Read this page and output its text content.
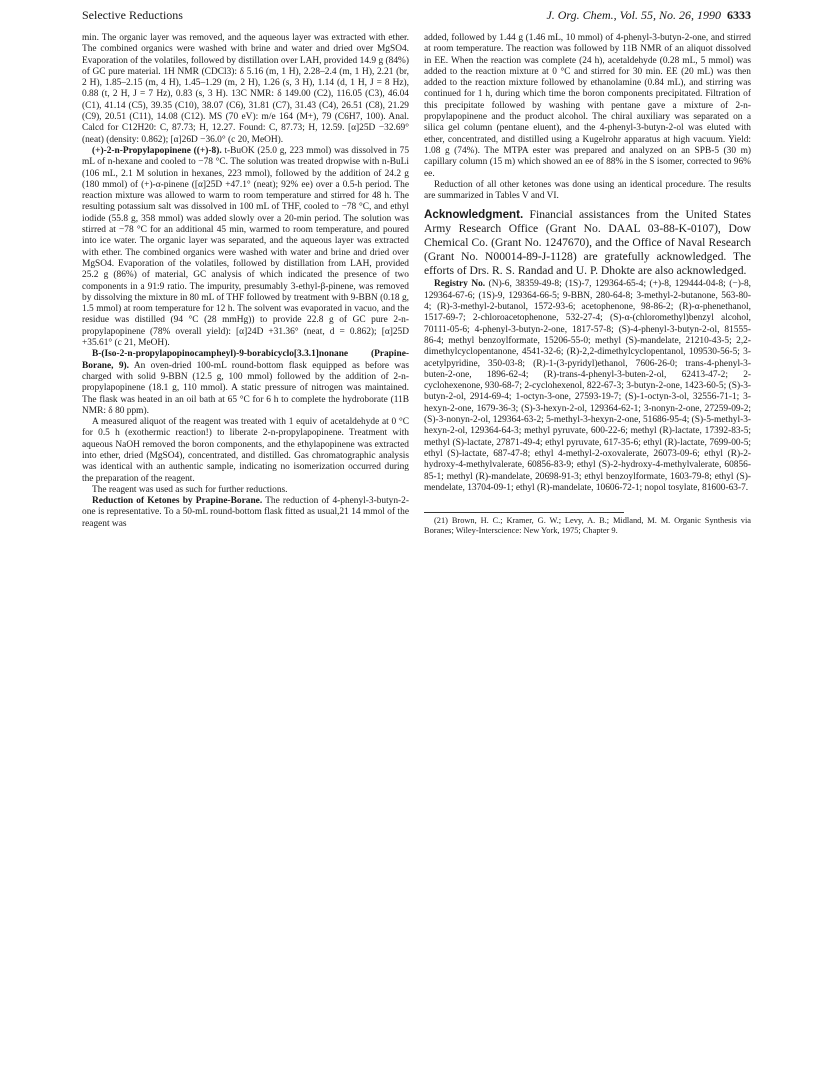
Selective Reductions	J. Org. Chem., Vol. 55, No. 26, 1990 6333

min. The organic layer was removed, and the aqueous layer was extracted with ether. The combined organics were washed with brine and water and dried over MgSO4. Evaporation of the volatiles, followed by distillation over LAH, provided 14.9 g (84%) of GC pure material. 1H NMR (CDCl3): δ 5.16 (m, 1 H), 2.28–2.4 (m, 1 H), 2.21 (br, 2 H), 1.85–2.15 (m, 4 H), 1.45–1.29 (m, 2 H), 1.26 (s, 3 H), 1.14 (d, 1 H, J = 8 Hz), 0.88 (t, 2 H, J = 7 Hz), 0.83 (s, 3 H). 13C NMR: δ 149.00 (C2), 116.05 (C3), 46.04 (C1), 41.14 (C5), 39.35 (C10), 38.07 (C6), 31.81 (C7), 31.43 (C4), 26.51 (C8), 21.29 (C9), 20.51 (C11), 14.08 (C12). MS (70 eV): m/e 164 (M+), 79 (C6H7, 100). Anal. Calcd for C12H20: C, 87.73; H, 12.27. Found: C, 87.73; H, 12.59. [α]25D −32.69° (neat) (density: 0.862); [α]26D −36.0° (c 20, MeOH).

(+)-2-n-Propylapopinene ((+)-8). t-BuOK (25.0 g, 223 mmol) was dissolved in 75 mL of n-hexane and cooled to −78 °C. The solution was treated dropwise with n-BuLi (106 mL, 2.1 M solution in hexanes, 223 mmol), followed by the addition of 24.2 g (180 mmol) of (+)-α-pinene ([α]25D +47.1° (neat); 92% ee) over a 0.5-h period. The reaction mixture was allowed to warm to room temperature and stirred for 48 h. The resulting potassium salt was dissolved in 100 mL of THF, cooled to −78 °C, and ethyl iodide (55.8 g, 358 mmol) was added slowly over a 20-min period. The solution was stirred at −78 °C for an additional 45 min, warmed to room temperature, and poured into ice water. The organic layer was separated, and the aqueous layer was extracted with ether. The combined organics were washed with water and brine and dried over MgSO4. Evaporation of the volatiles, followed by distillation from LAH, provided 25.2 g (86%) of material, GC analysis of which indicated the presence of two components in a 91:9 ratio. The impurity, presumably 3-ethyl-β-pinene, was removed by dissolving the mixture in 80 mL of THF followed by treatment with 9-BBN (0.18 g, 1.5 mmol) at room temperature for 12 h. The solvent was evaporated in vacuo, and the residue was distilled (94 °C (28 mmHg)) to provide 22.8 g of GC pure 2-n-propylapopinene (78% overall yield): [α]24D +31.36° (neat, d = 0.862); [α]25D +35.61° (c 21, MeOH).

B-(Iso-2-n-propylapopinocampheyl)-9-borabicyclo[3.3.1]nonane (Prapine-Borane, 9). An oven-dried 100-mL round-bottom flask equipped as before was charged with solid 9-BBN (12.5 g, 100 mmol) followed by the addition of 2-n-propylapopinene (18.1 g, 110 mmol). A static pressure of nitrogen was maintained. The flask was heated in an oil bath at 65 °C for 6 h to complete the hydroborate (11B NMR: δ 80 ppm).

A measured aliquot of the reagent was treated with 1 equiv of acetaldehyde at 0 °C for 0.5 h (exothermic reaction!) to liberate 2-n-propylapopinene. Treatment with aqueous NaOH removed the boron components, and the ethylapopinene was extracted into ether, dried (MgSO4), concentrated, and distilled. Gas chromatographic analysis was identical with an authentic sample, indicating no isomerization occurred during the preparation of the reagent.

The reagent was used as such for further reductions.

Reduction of Ketones by Prapine-Borane. The reduction of 4-phenyl-3-butyn-2-one is representative. To a 50-mL round-bottom flask fitted as usual,21 14 mmol of the reagent was

added, followed by 1.44 g (1.46 mL, 10 mmol) of 4-phenyl-3-butyn-2-one, and stirred at room temperature. The reaction was followed by 11B NMR of an aliquot dissolved in EE. When the reaction was complete (24 h), acetaldehyde (0.28 mL, 5 mmol) was added to the reaction mixture at 0 °C and stirred for 30 min. EE (20 mL) was then added to the reaction mixture followed by ethanolamine (0.84 mL), and stirring was continued for 1 h, during which time the boron components precipitated. Filtration of this precipitate followed by washing with pentane gave a mixture of 2-n-propylapopinene and the product alcohol. The chiral auxiliary was separated on a silica gel column (pentane eluent), and the 4-phenyl-3-butyn-2-ol was eluted with ether, concentrated, and distilled using a Kugelrohr apparatus at high vacuum. Yield: 1.08 g (74%). The MTPA ester was prepared and analyzed on an SPB-5 (30 m) capillary column (15 m) which showed an ee of 88% in the S isomer, corrected to 96% ee.

Reduction of all other ketones was done using an identical procedure. The results are summarized in Tables V and VI.

Acknowledgment. Financial assistances from the United States Army Research Office (Grant No. DAAL 03-88-K-0107), Dow Chemical Co. (Grant No. 1247670), and the Office of Naval Research (Grant No. N00014-89-J-1128) are gratefully acknowledged. The efforts of Drs. R. S. Randad and U. P. Dhokte are also acknowledged.

Registry No. (N)-6, 38359-49-8; (1S)-7, 129364-65-4; (+)-8, 129444-04-8; (−)-8, 129364-67-6; (1S)-9, 129364-66-5; 9-BBN, 280-64-8; 3-methyl-2-butanone, 563-80-4; (R)-3-methyl-2-butanol, 1572-93-6; acetophenone, 98-86-2; (R)-α-phenethanol, 1517-69-7; 2-chloroacetophenone, 532-27-4; (S)-α-(chloromethyl)benzyl alcohol, 70111-05-6; 4-phenyl-3-butyn-2-one, 1817-57-8; (S)-4-phenyl-3-butyn-2-ol, 81555-86-4; methyl benzoylformate, 15206-55-0; methyl (S)-mandelate, 21210-43-5; 2,2-dimethylcyclopentanone, 4541-32-6; (R)-2,2-dimethylcyclopentanol, 109530-56-5; 3-acetylpyridine, 350-03-8; (R)-1-(3-pyridyl)ethanol, 7606-26-0; trans-4-phenyl-3-buten-2-one, 1896-62-4; (R)-trans-4-phenyl-3-buten-2-ol, 62413-47-2; 2-cyclohexenone, 930-68-7; 2-cyclohexenol, 822-67-3; 3-butyn-2-one, 1423-60-5; (S)-3-butyn-2-ol, 2914-69-4; 1-octyn-3-one, 27593-19-7; (S)-1-octyn-3-ol, 32556-71-1; 3-hexyn-2-one, 1679-36-3; (S)-3-hexyn-2-ol, 129364-62-1; 3-nonyn-2-one, 27259-09-2; (S)-3-nonyn-2-ol, 129364-63-2; 5-methyl-3-hexyn-2-one, 51686-95-4; (S)-5-methyl-3-hexyn-2-ol, 129364-64-3; methyl pyruvate, 600-22-6; methyl (R)-lactate, 17392-83-5; methyl (S)-lactate, 27871-49-4; ethyl pyruvate, 617-35-6; ethyl (R)-lactate, 7699-00-5; ethyl (S)-lactate, 687-47-8; ethyl 4-methyl-2-oxovalerate, 26073-09-6; ethyl (R)-2-hydroxy-4-methylvalerate, 60856-83-9; ethyl (S)-2-hydroxy-4-methylvalerate, 60856-85-1; methyl (R)-mandelate, 20698-91-3; ethyl benzoylformate, 1603-79-8; ethyl (S)-mendelate, 13704-09-1; ethyl (R)-mandelate, 10606-72-1; nopol tosylate, 81600-63-7.

(21) Brown, H. C.; Kramer, G. W.; Levy, A. B.; Midland, M. M. Organic Synthesis via Boranes; Wiley-Interscience: New York, 1975; Chapter 9.
